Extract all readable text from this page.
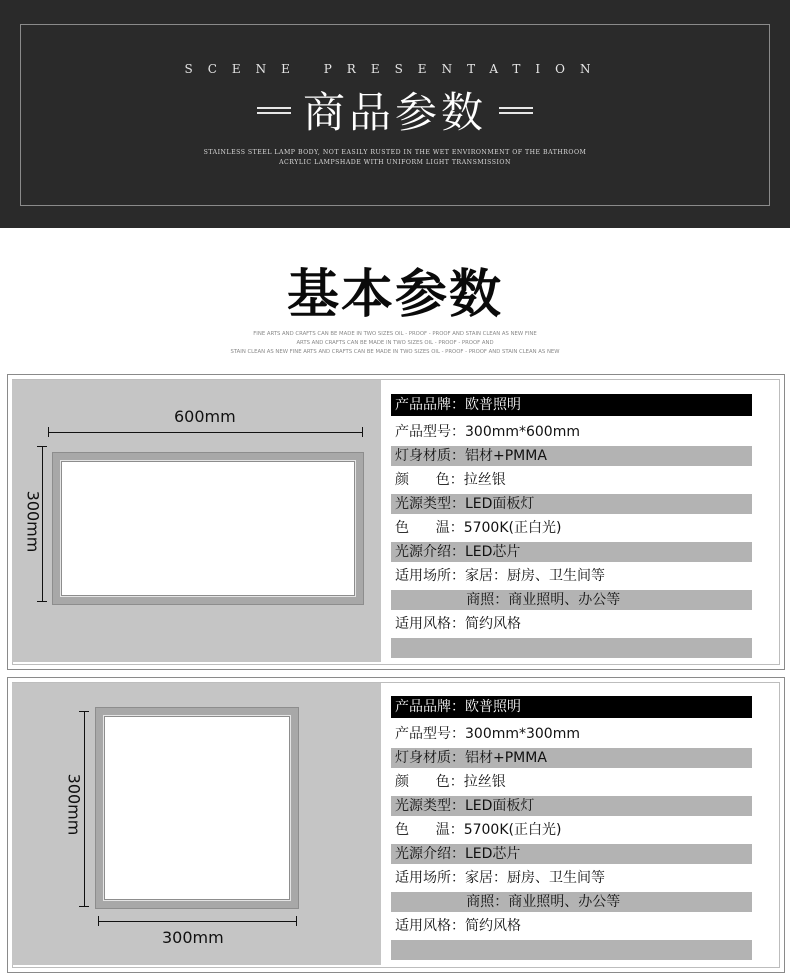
SCENE PRESENTATION
商品参数
STAINLESS STEEL LAMP BODY, NOT EASILY RUSTED IN THE WET ENVIRONMENT OF THE BATHROOM
ACRYLIC LAMPSHADE WITH UNIFORM LIGHT TRANSMISSION
基本参数
FINE ARTS AND CRAFTS CAN BE MADE IN TWO SIZES OIL - PROOF - PROOF AND STAIN CLEAN AS NEW FINE
ARTS AND CRAFTS CAN BE MADE IN TWO SIZES OIL - PROOF - PROOF AND
STAIN CLEAN AS NEW FINE ARTS AND CRAFTS CAN BE MADE IN TWO SIZES OIL - PROOF - PROOF AND STAIN CLEAN AS NEW
600mm
300mm
产品品牌：欧普照明
产品型号：300mm*600mm
灯身材质：铝材+PMMA
颜      色：拉丝银
光源类型：LED面板灯
色      温：5700K(正白光)
光源介绍：LED芯片
适用场所：家居：厨房、卫生间等
商照：商业照明、办公等
适用风格：简约风格
300mm
300mm
产品品牌：欧普照明
产品型号：300mm*300mm
灯身材质：铝材+PMMA
颜      色：拉丝银
光源类型：LED面板灯
色      温：5700K(正白光)
光源介绍：LED芯片
适用场所：家居：厨房、卫生间等
商照：商业照明、办公等
适用风格：简约风格
